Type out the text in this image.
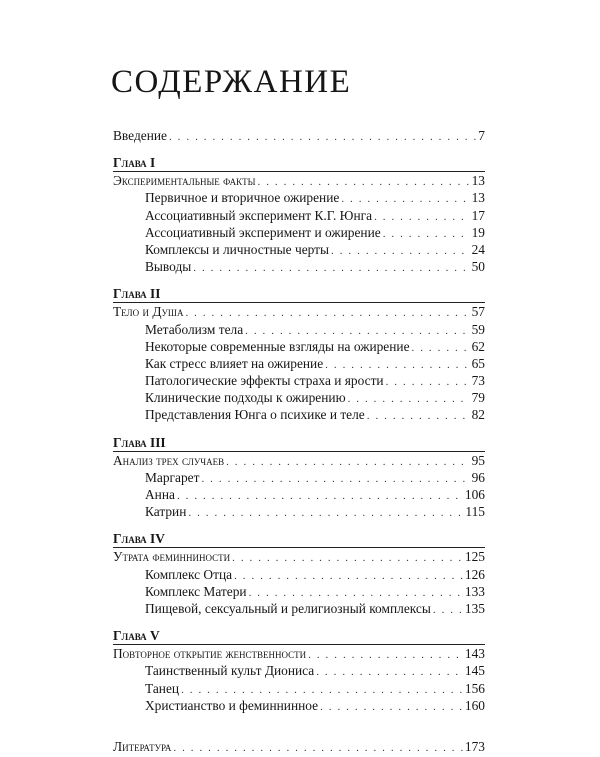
СОДЕРЖАНИЕ
Введение . . .	7
Глава I
Экспериментальные факты . . .	13
Первичное и вторичное ожирение . . .	13
Ассоциативный эксперимент К.Г. Юнга . . .	17
Ассоциативный эксперимент и ожирение . . .	19
Комплексы и личностные черты . . .	24
Выводы . . .	50
Глава II
Тело и Душа . . .	57
Метаболизм тела . . .	59
Некоторые современные взгляды на ожирение . . .	62
Как стресс влияет на ожирение . . .	65
Патологические эффекты страха и ярости . . .	73
Клинические подходы к ожирению . . .	79
Представления Юнга о психике и теле . . .	82
Глава III
Анализ трех случаев . . .	95
Маргарет . . .	96
Анна . . .	106
Катрин . . .	115
Глава IV
Утрата феминниности . . .	125
Комплекс Отца . . .	126
Комплекс Матери . . .	133
Пищевой, сексуальный и религиозный комплексы . . .	135
Глава V
Повторное открытие женственности . . .	143
Таинственный культ Диониса . . .	145
Танец . . .	156
Христианство и феминнинное . . .	160
Литература . . .	173
